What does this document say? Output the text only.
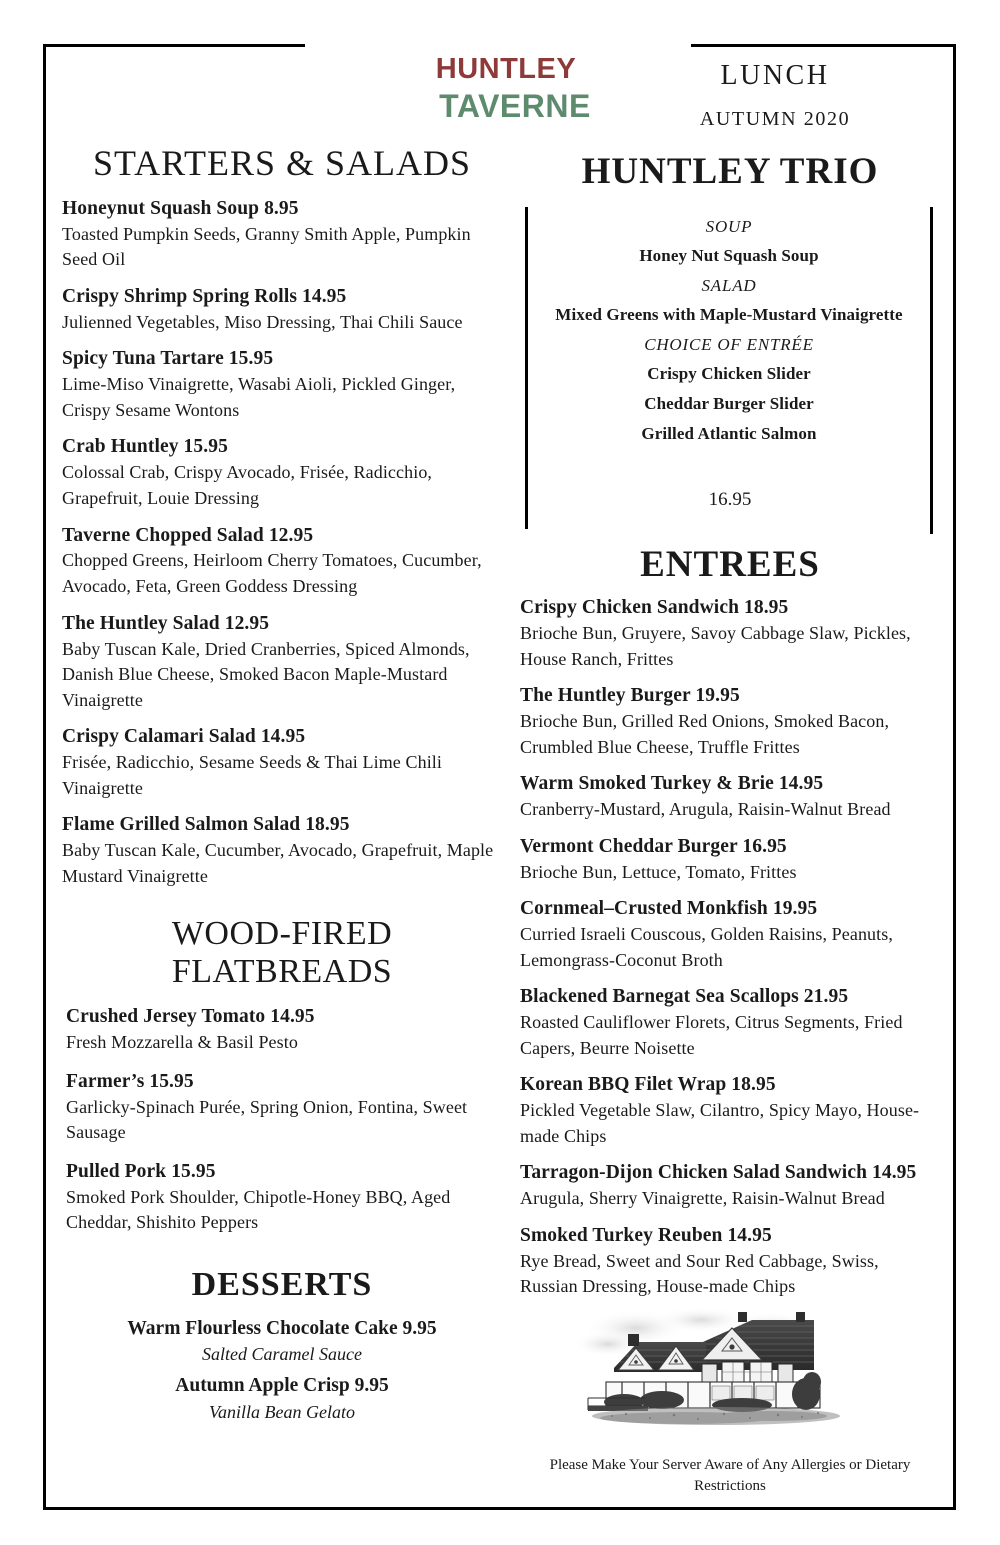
huntley
taverne
LUNCH
AUTUMN 2020
STARTERS & SALADS
Honeynut Squash Soup 8.95
Toasted Pumpkin Seeds, Granny Smith Apple, Pumpkin Seed Oil
Crispy Shrimp Spring Rolls 14.95
Julienned Vegetables, Miso Dressing, Thai Chili Sauce
Spicy Tuna Tartare 15.95
Lime-Miso Vinaigrette, Wasabi Aioli, Pickled Ginger, Crispy Sesame Wontons
Crab Huntley 15.95
Colossal Crab, Crispy Avocado, Frisée, Radicchio, Grapefruit, Louie Dressing
Taverne Chopped Salad 12.95
Chopped Greens, Heirloom Cherry Tomatoes, Cucumber, Avocado, Feta, Green Goddess Dressing
The Huntley Salad 12.95
Baby Tuscan Kale, Dried Cranberries, Spiced Almonds, Danish Blue Cheese, Smoked Bacon Maple-Mustard Vinaigrette
Crispy Calamari Salad 14.95
Frisée, Radicchio, Sesame Seeds & Thai Lime Chili Vinaigrette
Flame Grilled Salmon Salad 18.95
Baby Tuscan Kale, Cucumber, Avocado, Grapefruit, Maple Mustard Vinaigrette
WOOD-FIRED
FLATBREADS
Crushed Jersey Tomato 14.95
Fresh Mozzarella & Basil Pesto
Farmer’s 15.95
Garlicky-Spinach Purée, Spring Onion, Fontina, Sweet Sausage
Pulled Pork 15.95
Smoked Pork Shoulder, Chipotle-Honey BBQ, Aged Cheddar, Shishito Peppers
DESSERTS
Warm Flourless Chocolate Cake 9.95
Salted Caramel Sauce
Autumn Apple Crisp 9.95
Vanilla Bean Gelato
HUNTLEY TRIO
SOUP
Honey Nut Squash Soup
SALAD
Mixed Greens with Maple-Mustard Vinaigrette
CHOICE OF ENTRÉE
Crispy Chicken Slider
Cheddar Burger Slider
Grilled Atlantic Salmon
16.95
ENTREES
Crispy Chicken Sandwich 18.95
Brioche Bun, Gruyere, Savoy Cabbage Slaw, Pickles, House Ranch, Frittes
The Huntley Burger 19.95
Brioche Bun, Grilled Red Onions, Smoked Bacon, Crumbled Blue Cheese, Truffle Frittes
Warm Smoked Turkey & Brie 14.95
Cranberry-Mustard, Arugula, Raisin-Walnut Bread
Vermont Cheddar Burger 16.95
Brioche Bun, Lettuce, Tomato, Frittes
Cornmeal–Crusted Monkfish 19.95
Curried Israeli Couscous, Golden Raisins, Peanuts, Lemongrass-Coconut Broth
Blackened Barnegat Sea Scallops 21.95
Roasted Cauliflower Florets, Citrus Segments, Fried Capers, Beurre Noisette
Korean BBQ Filet Wrap 18.95
Pickled Vegetable Slaw, Cilantro, Spicy Mayo, House-made Chips
Tarragon-Dijon Chicken Salad Sandwich 14.95
Arugula, Sherry Vinaigrette, Raisin-Walnut Bread
Smoked Turkey Reuben 14.95
Rye Bread, Sweet and Sour Red Cabbage, Swiss, Russian Dressing, House-made Chips
Please Make Your Server Aware of Any Allergies or Dietary Restrictions
